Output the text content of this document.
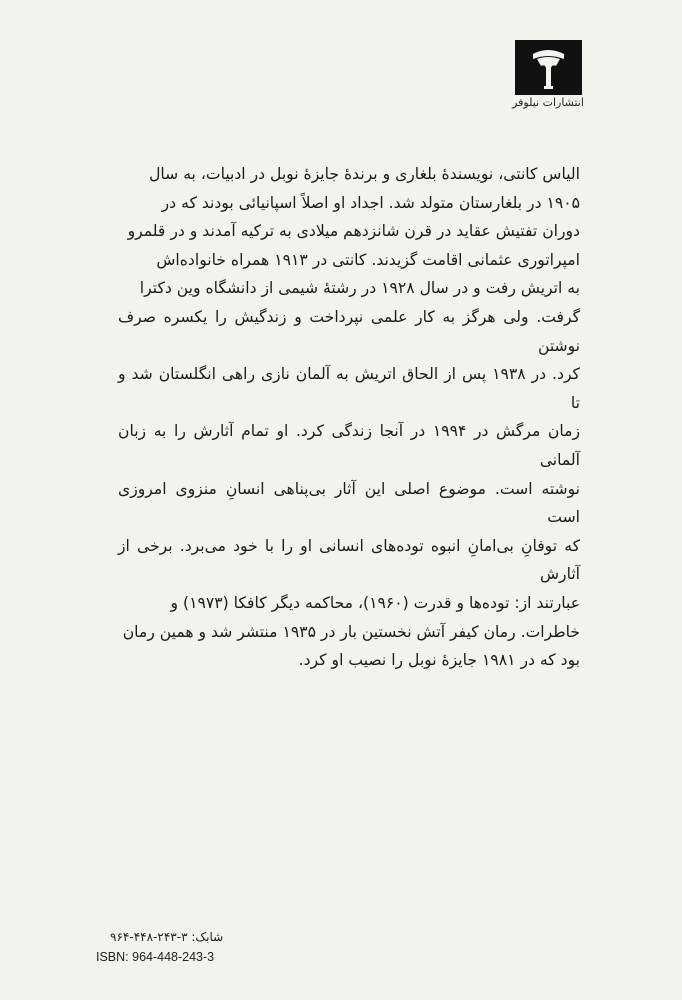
انتشارات نیلوفر

الیاس کانتی، نویسندهٔ بلغاری و برندهٔ جایزهٔ نوبل در ادبیات، به سال

۱۹۰۵ در بلغارستان متولد شد. اجداد او اصلاً اسپانیائی بودند که در

دوران تفتیش عقاید در قرن شانزدهم میلادی به ترکیه آمدند و در قلمرو

امپراتوری عثمانی اقامت گزیدند. کانتی در ۱۹۱۳ همراه خانواده‌اش

به اتریش رفت و در سال ۱۹۲۸ در رشتهٔ شیمی از دانشگاه وین دکترا

گرفت. ولی هرگز به کار علمی نپرداخت و زندگیش را یکسره صرف نوشتن

کرد. در ۱۹۳۸ پس از الحاق اتریش به آلمان نازی راهی انگلستان شد و تا

زمان مرگش در ۱۹۹۴ در آنجا زندگی کرد. او تمام آثارش را به زبان آلمانی

نوشته است. موضوع اصلی این آثار بی‌پناهی انسانِ منزوی امروزی است

که توفانِ بی‌امانِ انبوه توده‌های انسانی او را با خود می‌برد. برخی از آثارش

عبارتند از: توده‌ها و قدرت (۱۹۶۰)، محاکمه دیگر کافکا (۱۹۷۳) و

خاطرات. رمان کیفر آتش نخستین بار در ۱۹۳۵ منتشر شد و همین رمان

بود که در ۱۹۸۱ جایزهٔ نوبل را نصیب او کرد.

شابک: ۳-۲۴۳-۴۴۸-۹۶۴
ISBN: 964-448-243-3
